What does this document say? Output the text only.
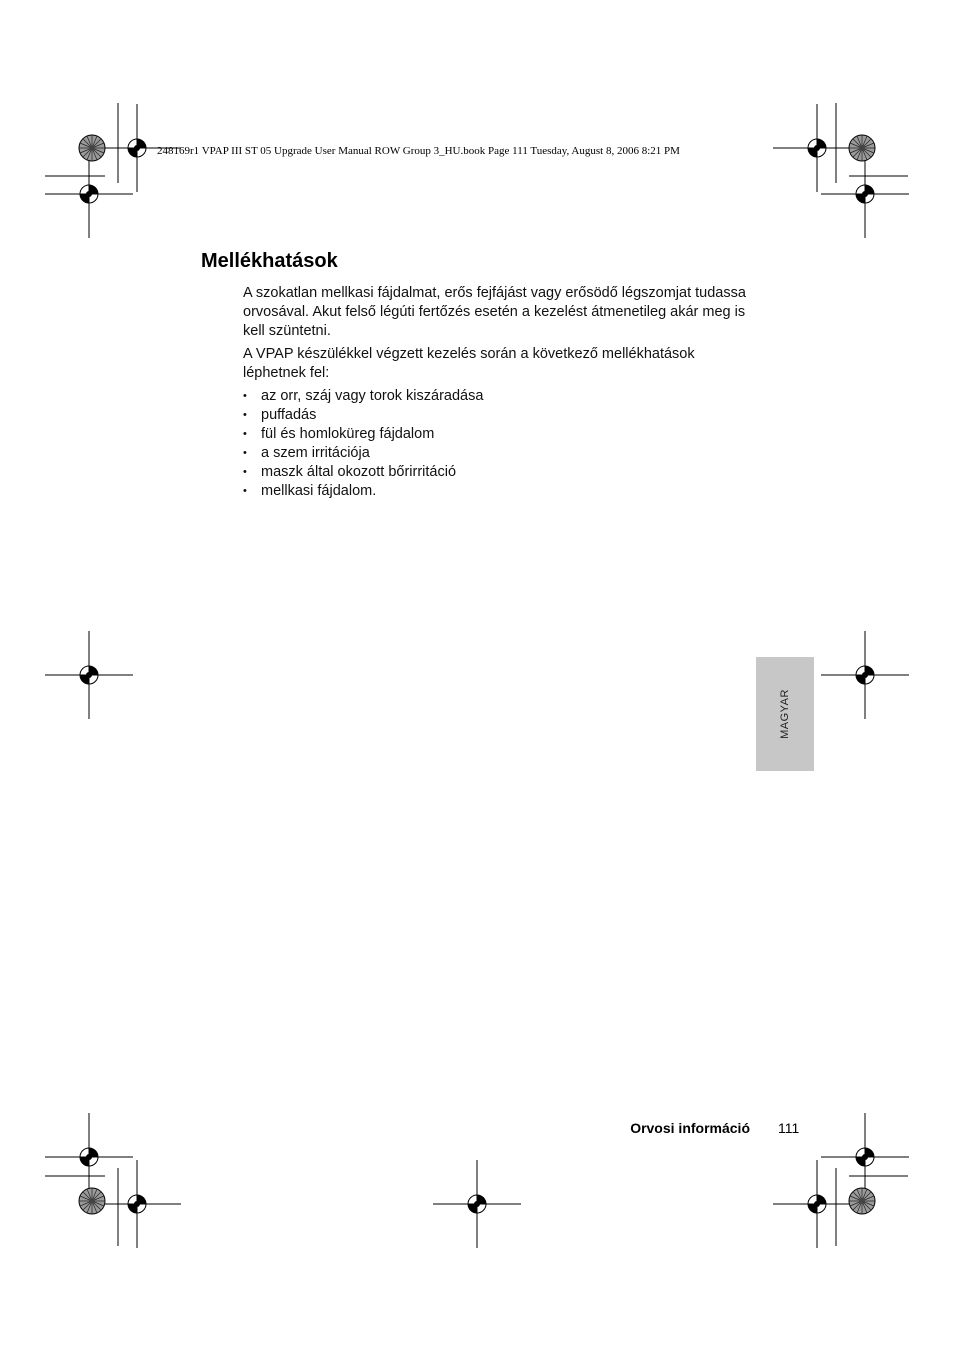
248169r1 VPAP III ST 05 Upgrade User Manual ROW Group 3_HU.book Page 111 Tuesday, August 8, 2006 8:21 PM
Mellékhatások

A szokatlan mellkasi fájdalmat, erős fejfájást vagy erősödő légszomjat tudassa orvosával. Akut felső légúti fertőzés esetén a kezelést átmenetileg akár meg is kell szüntetni.

A VPAP készülékkel végzett kezelés során a következő mellékhatások léphetnek fel:

• az orr, száj vagy torok kiszáradása
• puffadás
• fül és homloküreg fájdalom
• a szem irritációja
• maszk által okozott bőrirritáció
• mellkasi fájdalom.
MAGYAR
Orvosi információ 111
